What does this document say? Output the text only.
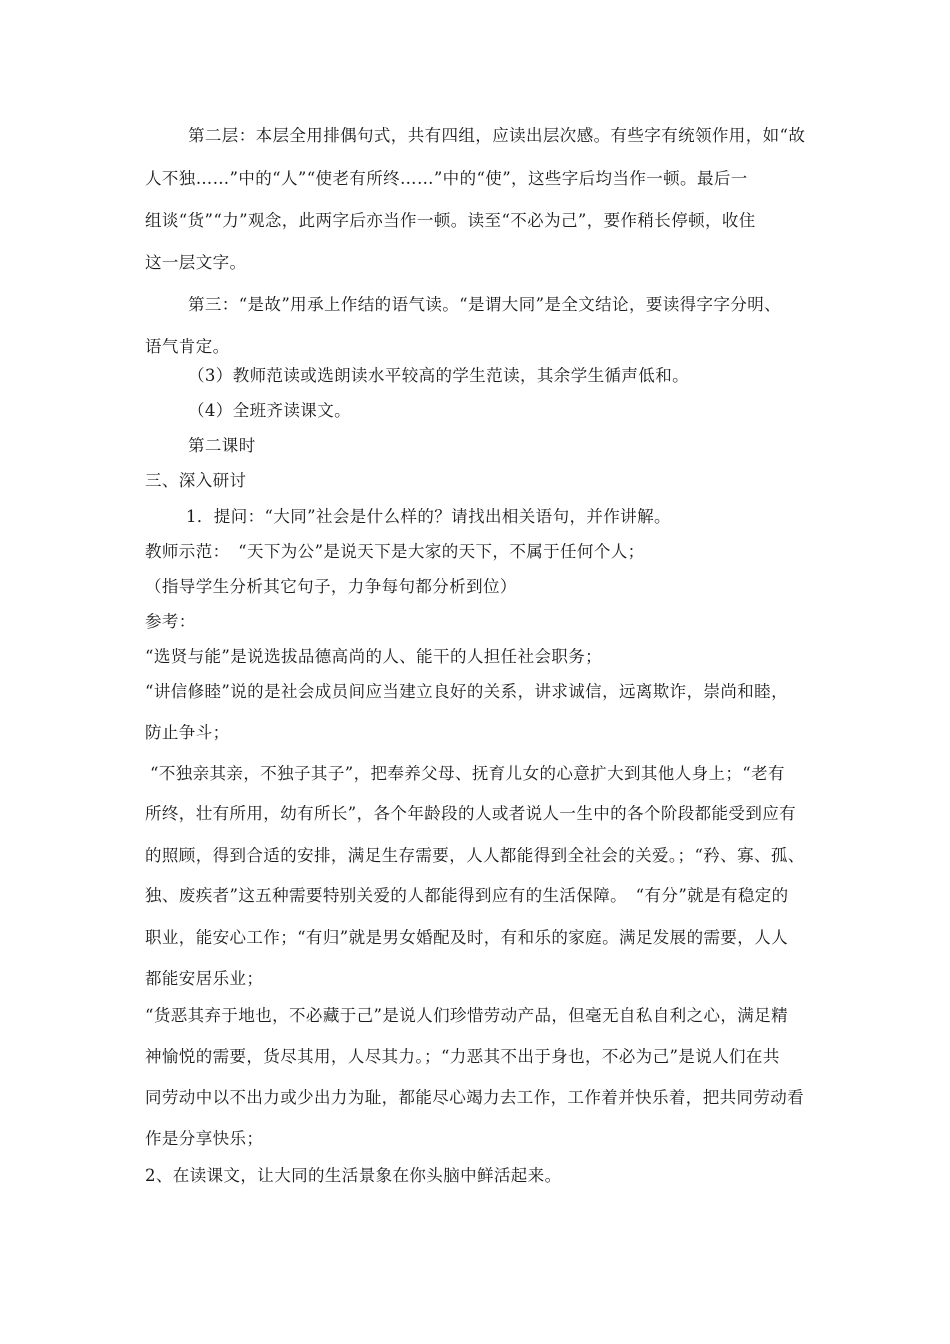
第二层：本层全用排偶句式，共有四组，应读出层次感。有些字有统领作用，如“故
人不独……”中的“人”“使老有所终……”中的“使”，这些字后均当作一顿。最后一
组谈“货”“力”观念，此两字后亦当作一顿。读至“不必为己”，要作稍长停顿，收住
这一层文字。
第三：“是故”用承上作结的语气读。“是谓大同”是全文结论，要读得字字分明、
语气肯定。
（3）教师范读或选朗读水平较高的学生范读，其余学生循声低和。
（4）全班齐读课文。
第二课时
三、深入研讨
1．提问：“大同”社会是什么样的？请找出相关语句，并作讲解。
教师示范：　“天下为公”是说天下是大家的天下，不属于任何个人；
（指导学生分析其它句子，力争每句都分析到位）
参考：
“选贤与能”是说选拔品德高尚的人、能干的人担任社会职务；
“讲信修睦”说的是社会成员间应当建立良好的关系，讲求诚信，远离欺诈，崇尚和睦，
防止争斗；
“不独亲其亲，不独子其子”，把奉养父母、抚育儿女的心意扩大到其他人身上；“老有
所终，壮有所用，幼有所长”，各个年龄段的人或者说人一生中的各个阶段都能受到应有
的照顾，得到合适的安排，满足生存需要，人人都能得到全社会的关爱。；“矜、寡、孤、
独、废疾者”这五种需要特别关爱的人都能得到应有的生活保障。　“有分”就是有稳定的
职业，能安心工作；“有归”就是男女婚配及时，有和乐的家庭。满足发展的需要，人人
都能安居乐业；
“货恶其弃于地也，不必藏于己”是说人们珍惜劳动产品，但毫无自私自利之心，满足精
神愉悦的需要，货尽其用，人尽其力。；“力恶其不出于身也，不必为己”是说人们在共
同劳动中以不出力或少出力为耻，都能尽心竭力去工作，工作着并快乐着，把共同劳动看
作是分享快乐；
2、在读课文，让大同的生活景象在你头脑中鲜活起来。
